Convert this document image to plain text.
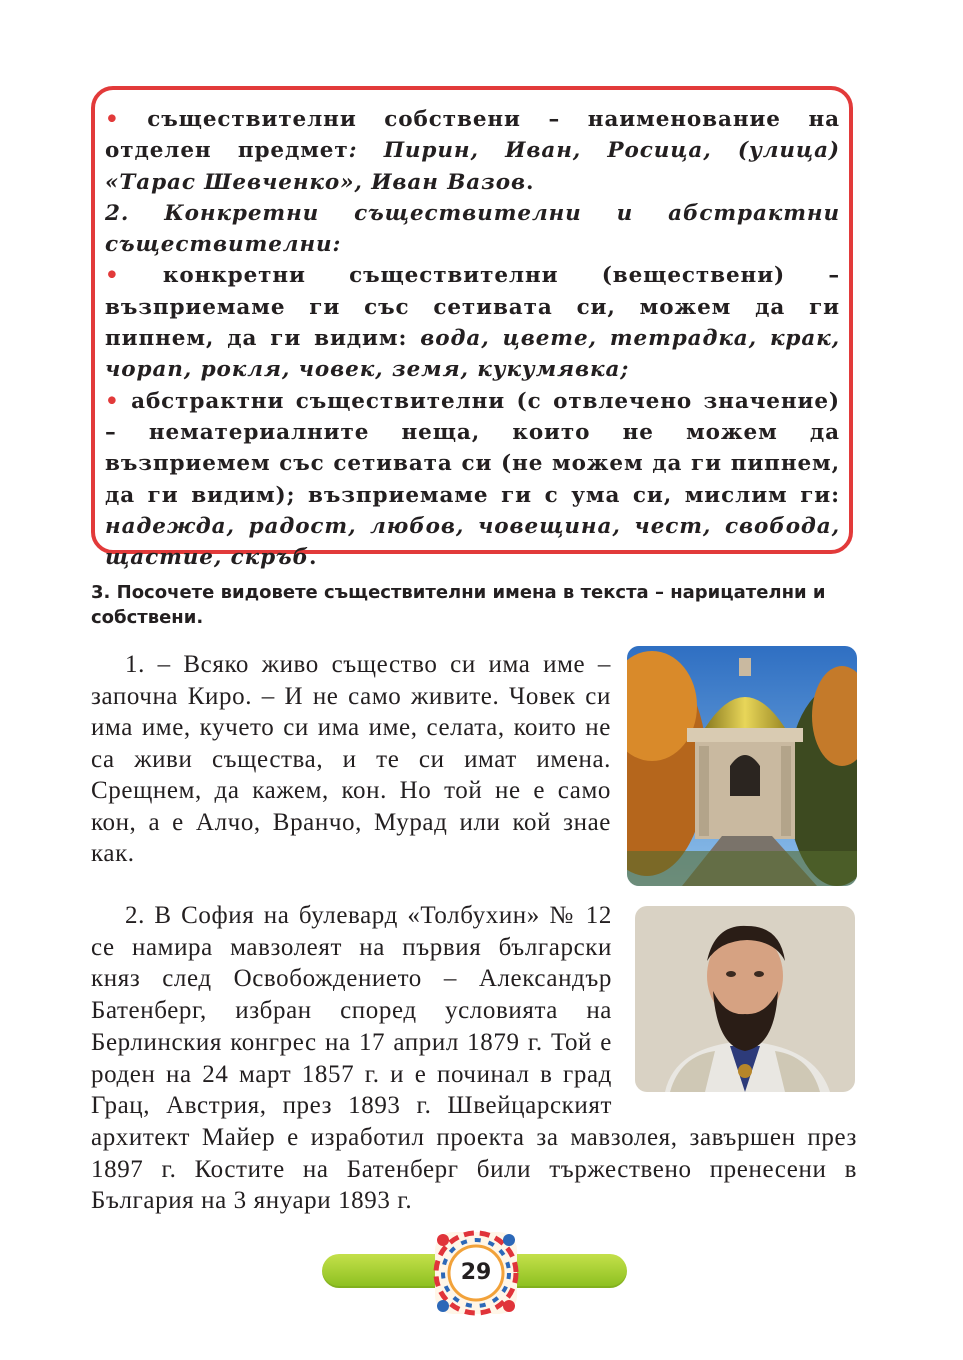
• съществителни собствени – наименование на отделен предмет: Пирин, Иван, Росица, (улица) «Тарас Шевченко», Иван Вазов.

2. Конкретни съществителни и абстрактни съществителни:

• конкретни съществителни (веществени) – възприемаме ги със сетивата си, можем да ги пипнем, да ги видим: вода, цвете, тетрадка, крак, чорап, рокля, човек, земя, кукумявка;

• абстрактни съществителни (с отвлечено значение) – нематериалните неща, които не можем да възприемем със сетивата си (не можем да ги пипнем, да ги видим); възприемаме ги с ума си, мислим ги: надежда, радост, любов, човещина, чест, свобода, щастие, скръб.

3. Посочете видовете съществителни имена в текста – нарицателни и собствени.

1. – Всяко живо същество си има име – започна Киро. – И не само живите. Човек си има име, кучето си има име, селата, които не са живи същества, и те си имат имена. Срещнем, да кажем, кон. Но той не е само кон, а е Алчо, Вранчо, Мурад или кой знае как.

2. В София на булевард «Толбухин» № 12 се намира мавзолеят на първия български княз след Освобождението – Александър Батенберг, избран според условията на Берлинския конгрес на 17 април 1879 г. Той е роден на 24 март 1857 г. и е починал в град Грац, Австрия, през 1893 г. Швейцарският архитект Майер е изработил проекта за мавзолея, завършен през 1897 г. Костите на Батенберг били тържествено пренесени в България на 3 януари 1893 г.

29
